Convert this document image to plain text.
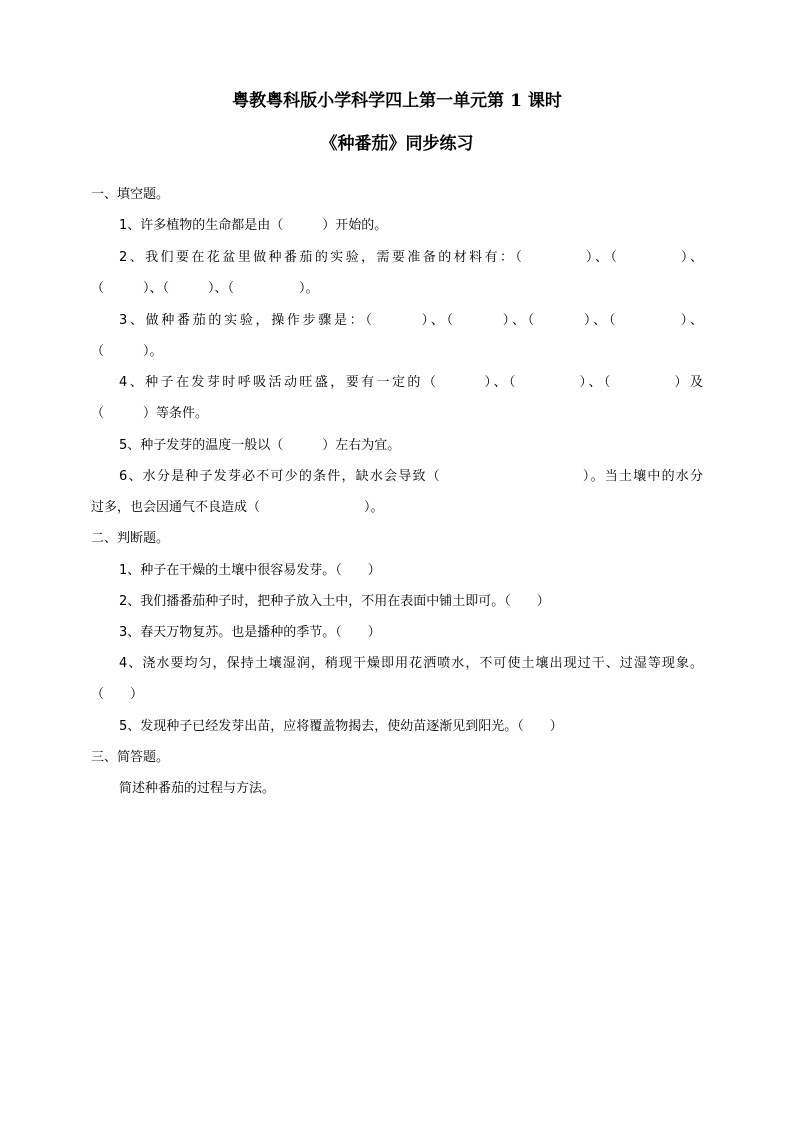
粤教粤科版小学科学四上第一单元第 1 课时
《种番茄》同步练习
一、填空题。
1、许多植物的生命都是由（　　　）开始的。
2、我们要在花盆里做种番茄的实验，需要准备的材料有：（　　　　）、（　　　　）、
（　　　）、（　　　）、（　　　　　）。
3、做种番茄的实验，操作步骤是：（　　　）、（　　　）、（　　　）、（　　　　）、
（　　　）。
4、种子在发芽时呼吸活动旺盛，要有一定的（　　　）、（　　　　）、（　　　　）及
（　　　）等条件。
5、种子发芽的温度一般以（　　　）左右为宜。
6、水分是种子发芽必不可少的条件，缺水会导致（　　　　　　　　　　）。当土壤中的水分
过多，也会因通气不良造成（　　　　　　　　）。
二、判断题。
1、种子在干燥的土壤中很容易发芽。（　　）
2、我们播番茄种子时，把种子放入土中，不用在表面中铺土即可。（　　）
3、春天万物复苏。也是播种的季节。（　　）
4、浇水要均匀，保持土壤湿润，稍现干燥即用花洒喷水，不可使土壤出现过干、过湿等现象。
（　　）
5、发现种子已经发芽出苗，应将覆盖物揭去，使幼苗逐渐见到阳光。（　　）
三、简答题。
简述种番茄的过程与方法。
